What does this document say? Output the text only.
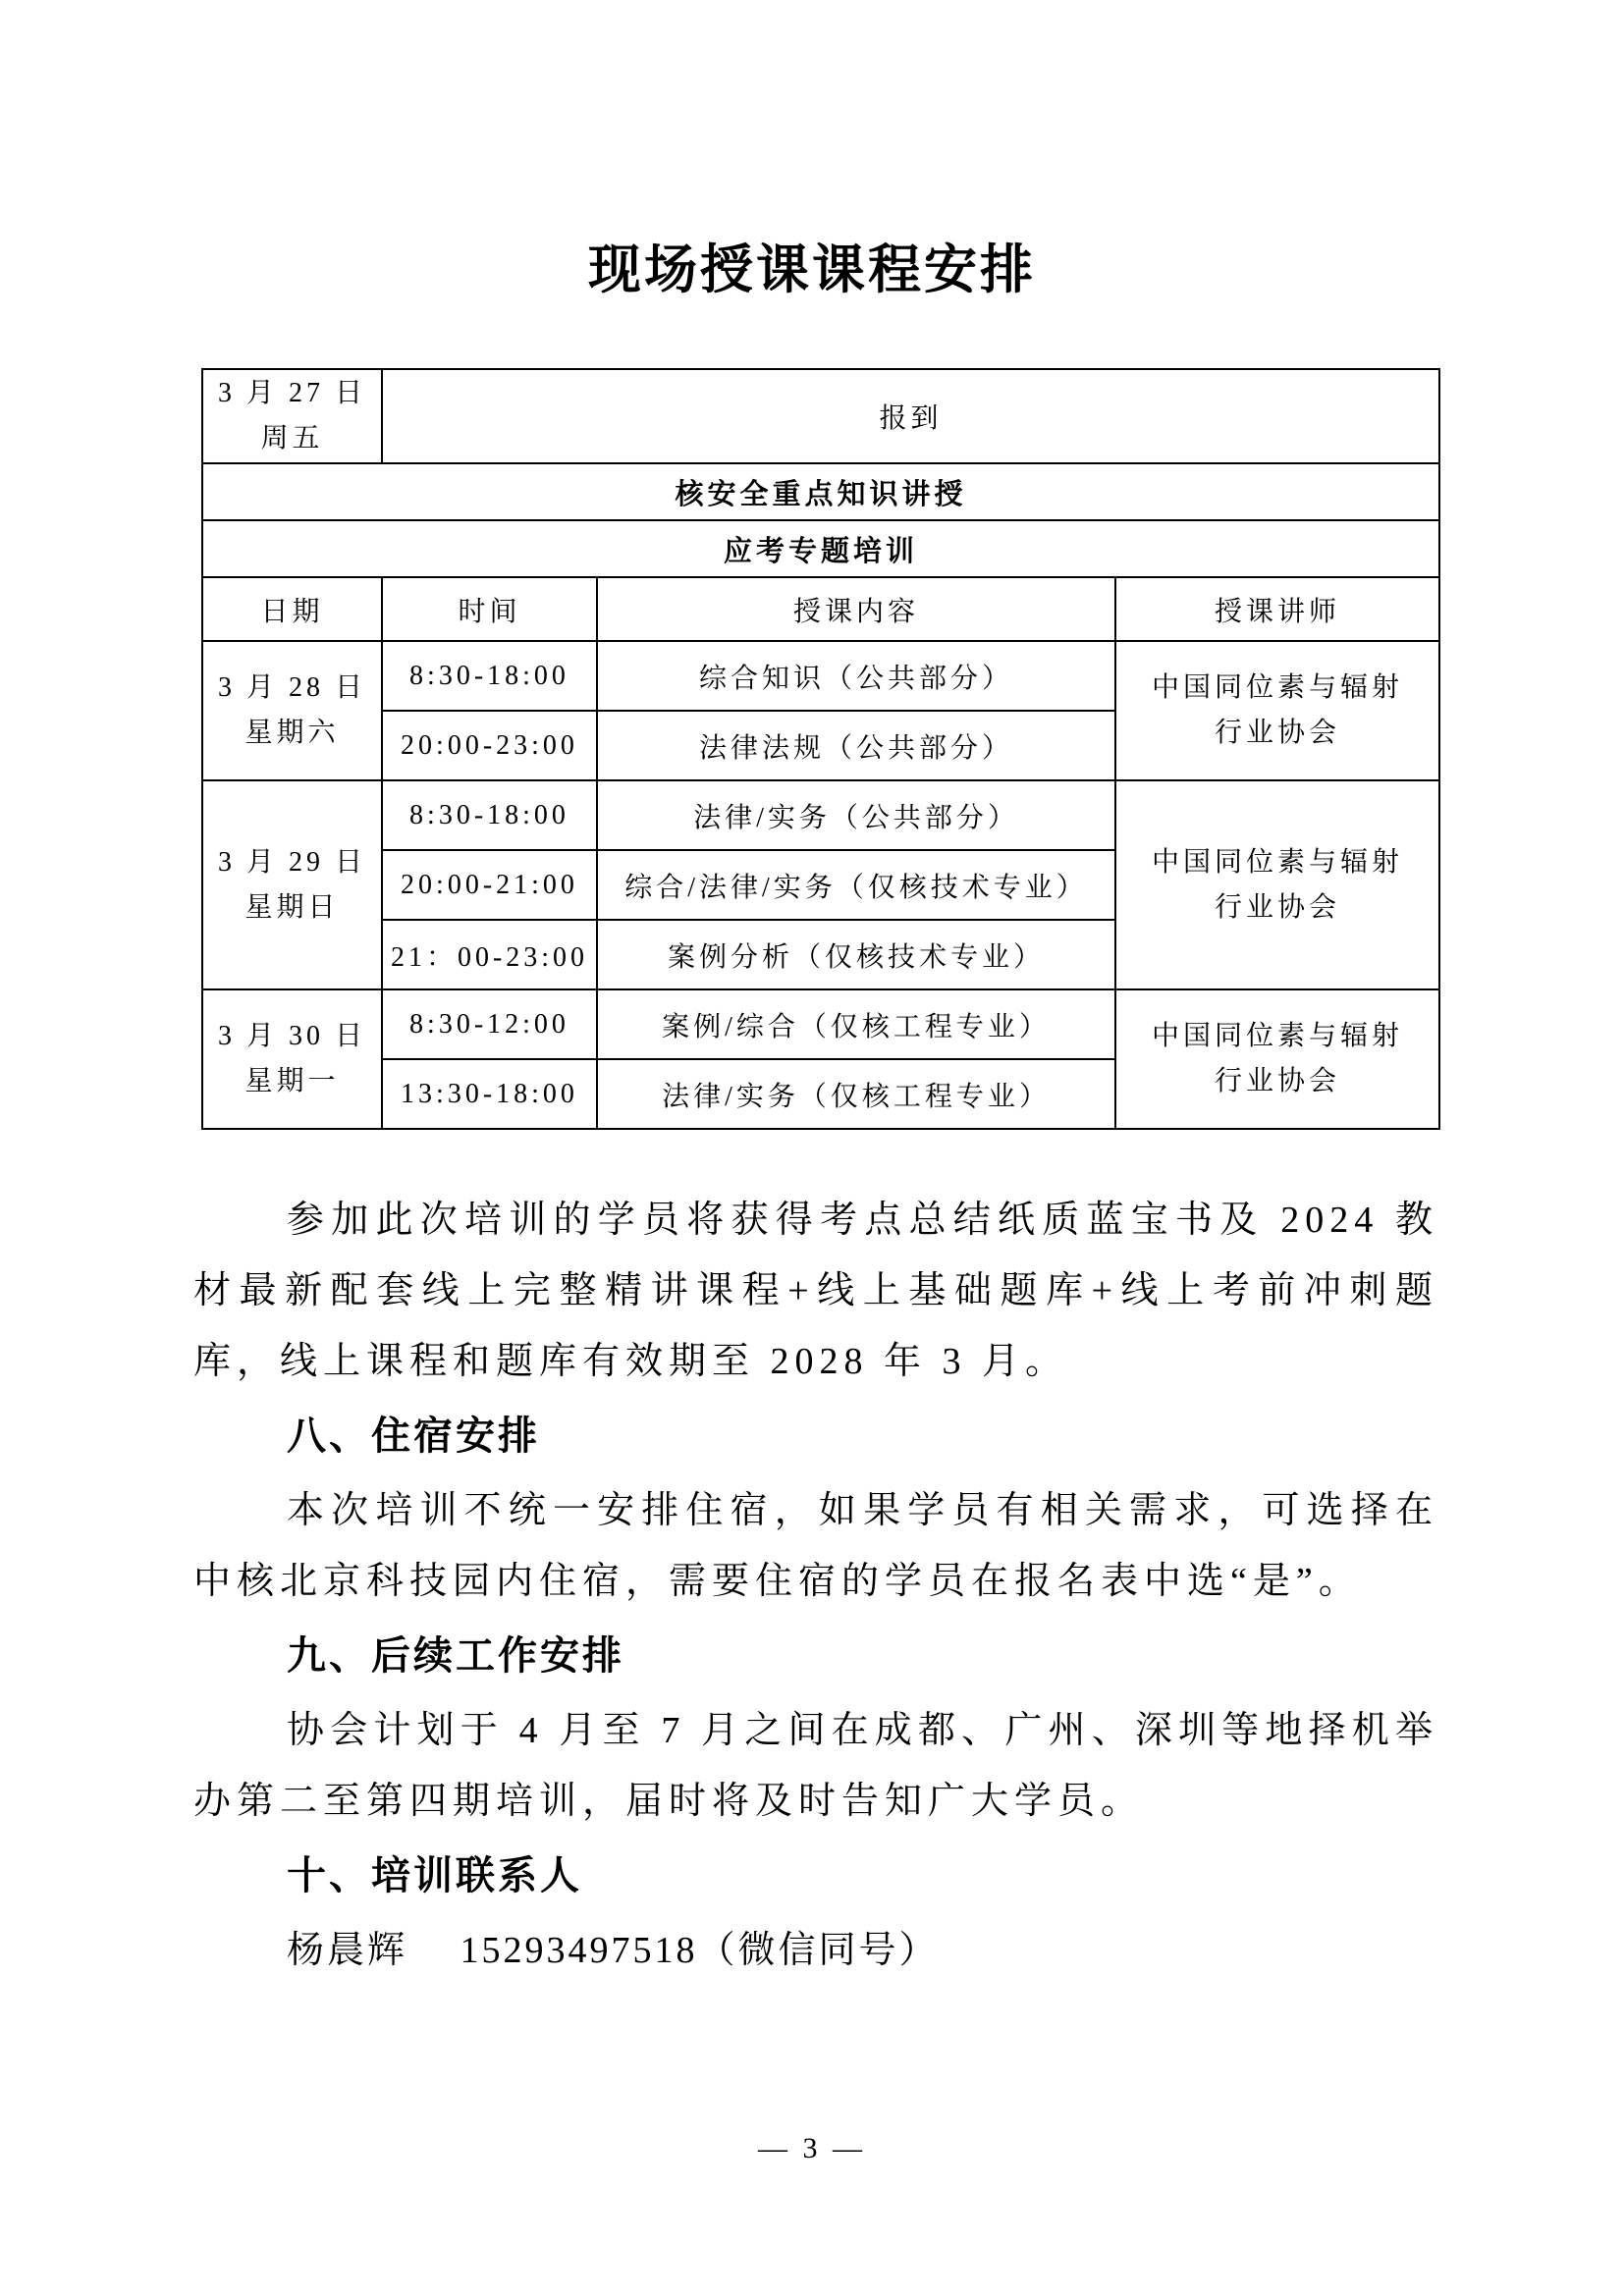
现场授课课程安排
3 月 27 日
周五	报到		
核安全重点知识讲授			
应考专题培训			
日期	时间	授课内容	授课讲师
3 月 28 日
星期六	8:30-18:00	综合知识（公共部分）	中国同位素与辐射
行业协会
	20:00-23:00	法律法规（公共部分）	
3 月 29 日
星期日	8:30-18:00	法律/实务（公共部分）	中国同位素与辐射
行业协会
	20:00-21:00	综合/法律/实务（仅核技术专业）	
	21：00-23:00	案例分析（仅核技术专业）	
3 月 30 日
星期一	8:30-12:00	案例/综合（仅核工程专业）	中国同位素与辐射
行业协会
	13:30-18:00	法律/实务（仅核工程专业）	

参加此次培训的学员将获得考点总结纸质蓝宝书及 2024 教材最新配套线上完整精讲课程+线上基础题库+线上考前冲刺题库，线上课程和题库有效期至 2028 年 3 月。

八、住宿安排

本次培训不统一安排住宿，如果学员有相关需求，可选择在中核北京科技园内住宿，需要住宿的学员在报名表中选“是”。

九、后续工作安排

协会计划于 4 月至 7 月之间在成都、广州、深圳等地择机举办第二至第四期培训，届时将及时告知广大学员。

十、培训联系人

杨晨辉　 15293497518（微信同号）

— 3 —
